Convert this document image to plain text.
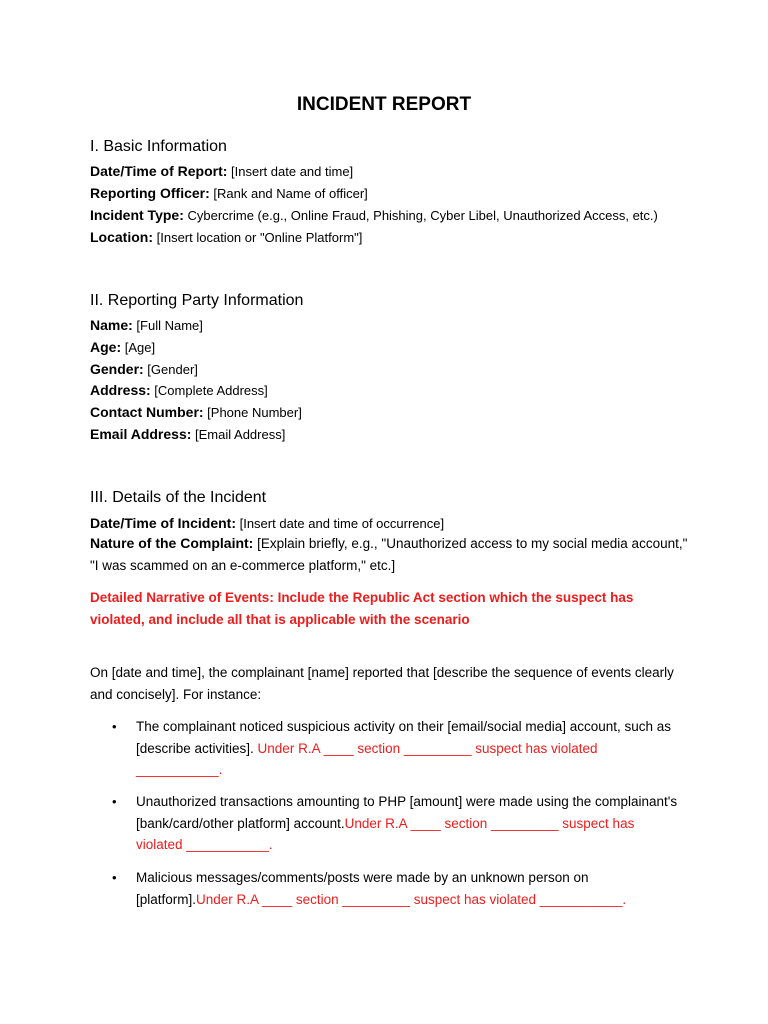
INCIDENT REPORT
I. Basic Information
Date/Time of Report: [Insert date and time]
Reporting Officer: [Rank and Name of officer]
Incident Type: Cybercrime (e.g., Online Fraud, Phishing, Cyber Libel, Unauthorized Access, etc.)
Location: [Insert location or "Online Platform"]
II. Reporting Party Information
Name: [Full Name]
Age: [Age]
Gender: [Gender]
Address: [Complete Address]
Contact Number: [Phone Number]
Email Address: [Email Address]
III. Details of the Incident
Date/Time of Incident: [Insert date and time of occurrence]
Nature of the Complaint: [Explain briefly, e.g., "Unauthorized access to my social media account," "I was scammed on an e-commerce platform," etc.]
Detailed Narrative of Events: Include the Republic Act section which the suspect has violated, and include all that is applicable with the scenario
On [date and time], the complainant [name] reported that [describe the sequence of events clearly and concisely]. For instance:
• The complainant noticed suspicious activity on their [email/social media] account, such as [describe activities]. Under R.A ____ section _________ suspect has violated ___________.
• Unauthorized transactions amounting to PHP [amount] were made using the complainant's [bank/card/other platform] account.Under R.A ____ section _________ suspect has violated ___________.
• Malicious messages/comments/posts were made by an unknown person on [platform].Under R.A ____ section _________ suspect has violated ___________.
